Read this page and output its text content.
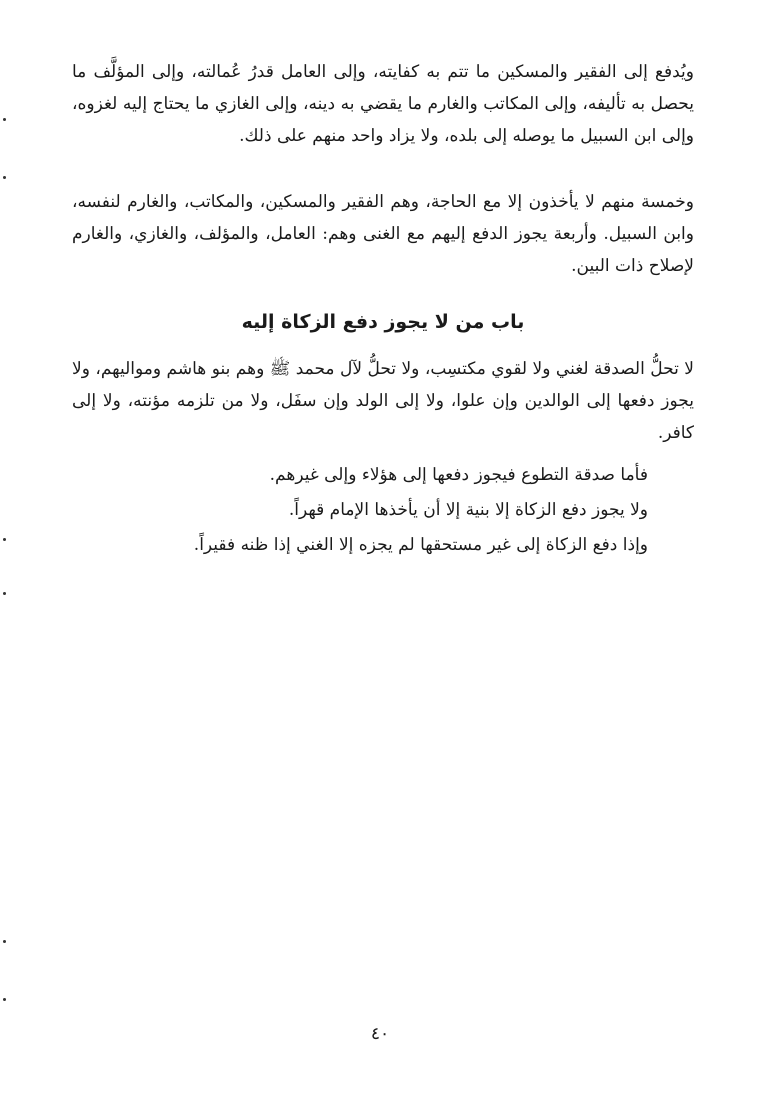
ويُدفع إلى الفقير والمسكين ما تتم به كفايته، وإلى العامل قدرُ عُمالته، وإلى المؤلَّف ما يحصل به تأليفه، وإلى المكاتب والغارم ما يقضي به دينه، وإلى الغازي ما يحتاج إليه لغزوه، وإلى ابن السبيل ما يوصله إلى بلده، ولا يزاد واحد منهم على ذلك.
وخمسة منهم لا يأخذون إلا مع الحاجة، وهم الفقير والمسكين، والمكاتب، والغارم لنفسه، وابن السبيل. وأربعة يجوز الدفع إليهم مع الغنى وهم: العامل، والمؤلف، والغازي، والغارم لإصلاح ذات البين.
باب من لا يجوز دفع الزكاة إليه
لا تحلُّ الصدقة لغني ولا لقوي مكتسِب، ولا تحلُّ لآل محمد ﷺ وهم بنو هاشم ومواليهم، ولا يجوز دفعها إلى الوالدين وإن علوا، ولا إلى الولد وإن سفَل، ولا من تلزمه مؤنته، ولا إلى كافر.
فأما صدقة التطوع فيجوز دفعها إلى هؤلاء وإلى غيرهم.
ولا يجوز دفع الزكاة إلا بنية إلا أن يأخذها الإمام قهراً.
وإذا دفع الزكاة إلى غير مستحقها لم يجزه إلا الغني إذا ظنه فقيراً.
٤٠
